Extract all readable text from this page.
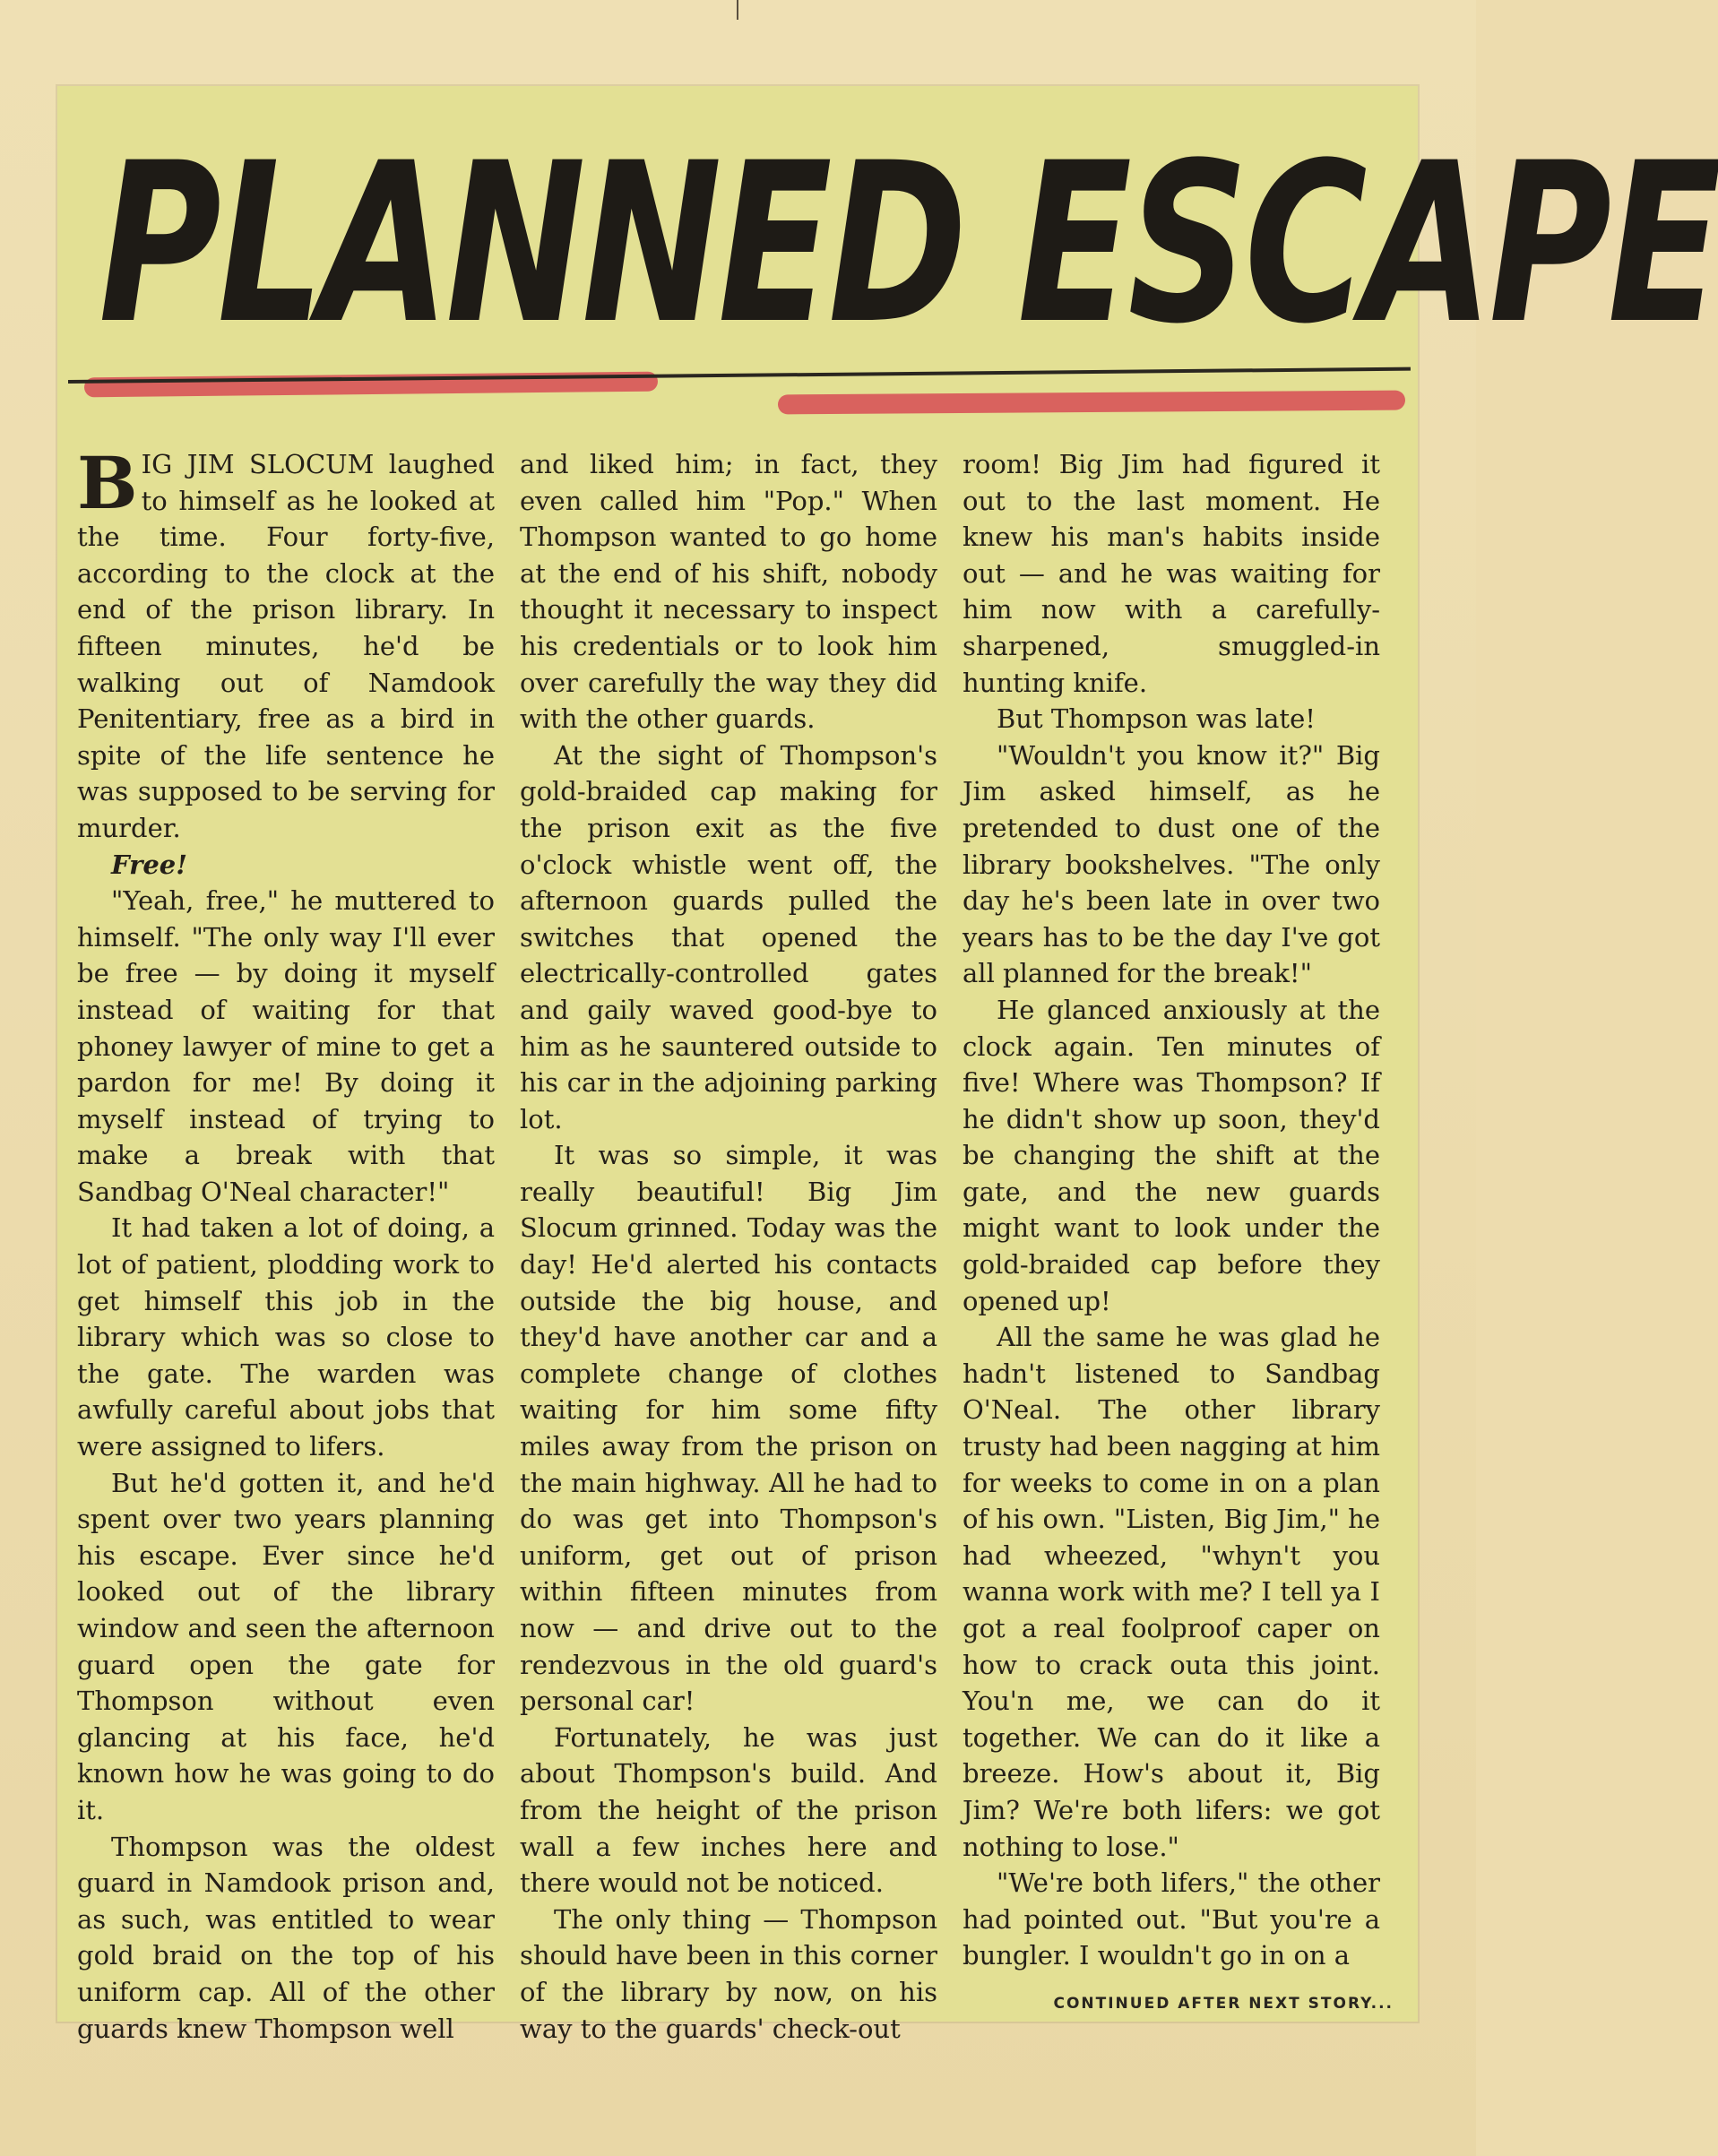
PLANNED ESCAPE

BIG JIM SLOCUM laughed to himself as he looked at the time. Four forty-five, according to the clock at the end of the prison library. In fifteen minutes, he'd be walking out of Namdook Penitentiary, free as a bird in spite of the life sentence he was supposed to be serving for murder.

Free!

"Yeah, free," he muttered to himself. "The only way I'll ever be free — by doing it myself instead of waiting for that phoney lawyer of mine to get a pardon for me! By doing it myself instead of trying to make a break with that Sandbag O'Neal character!"

It had taken a lot of doing, a lot of patient, plodding work to get himself this job in the library which was so close to the gate. The warden was awfully careful about jobs that were assigned to lifers.

But he'd gotten it, and he'd spent over two years planning his escape. Ever since he'd looked out of the library window and seen the afternoon guard open the gate for Thompson without even glancing at his face, he'd known how he was going to do it.

Thompson was the oldest guard in Namdook prison and, as such, was entitled to wear gold braid on the top of his uniform cap. All of the other guards knew Thompson well

and liked him; in fact, they even called him "Pop." When Thompson wanted to go home at the end of his shift, nobody thought it necessary to inspect his credentials or to look him over carefully the way they did with the other guards.

At the sight of Thompson's gold-braided cap making for the prison exit as the five o'clock whistle went off, the afternoon guards pulled the switches that opened the electrically-controlled gates and gaily waved good-bye to him as he sauntered outside to his car in the adjoining parking lot.

It was so simple, it was really beautiful! Big Jim Slocum grinned. Today was the day! He'd alerted his contacts outside the big house, and they'd have another car and a complete change of clothes waiting for him some fifty miles away from the prison on the main highway. All he had to do was get into Thompson's uniform, get out of prison within fifteen minutes from now — and drive out to the rendezvous in the old guard's personal car!

Fortunately, he was just about Thompson's build. And from the height of the prison wall a few inches here and there would not be noticed.

The only thing — Thompson should have been in this corner of the library by now, on his way to the guards' check-out

room! Big Jim had figured it out to the last moment. He knew his man's habits inside out — and he was waiting for him now with a carefully-sharpened, smuggled-in hunting knife.

But Thompson was late!

"Wouldn't you know it?" Big Jim asked himself, as he pretended to dust one of the library bookshelves. "The only day he's been late in over two years has to be the day I've got all planned for the break!"

He glanced anxiously at the clock again. Ten minutes of five! Where was Thompson? If he didn't show up soon, they'd be changing the shift at the gate, and the new guards might want to look under the gold-braided cap before they opened up!

All the same he was glad he hadn't listened to Sandbag O'Neal. The other library trusty had been nagging at him for weeks to come in on a plan of his own. "Listen, Big Jim," he had wheezed, "whyn't you wanna work with me? I tell ya I got a real foolproof caper on how to crack outa this joint. You'n me, we can do it together. We can do it like a breeze. How's about it, Big Jim? We're both lifers: we got nothing to lose."

"We're both lifers," the other had pointed out. "But you're a bungler. I wouldn't go in on a

CONTINUED AFTER NEXT STORY...
